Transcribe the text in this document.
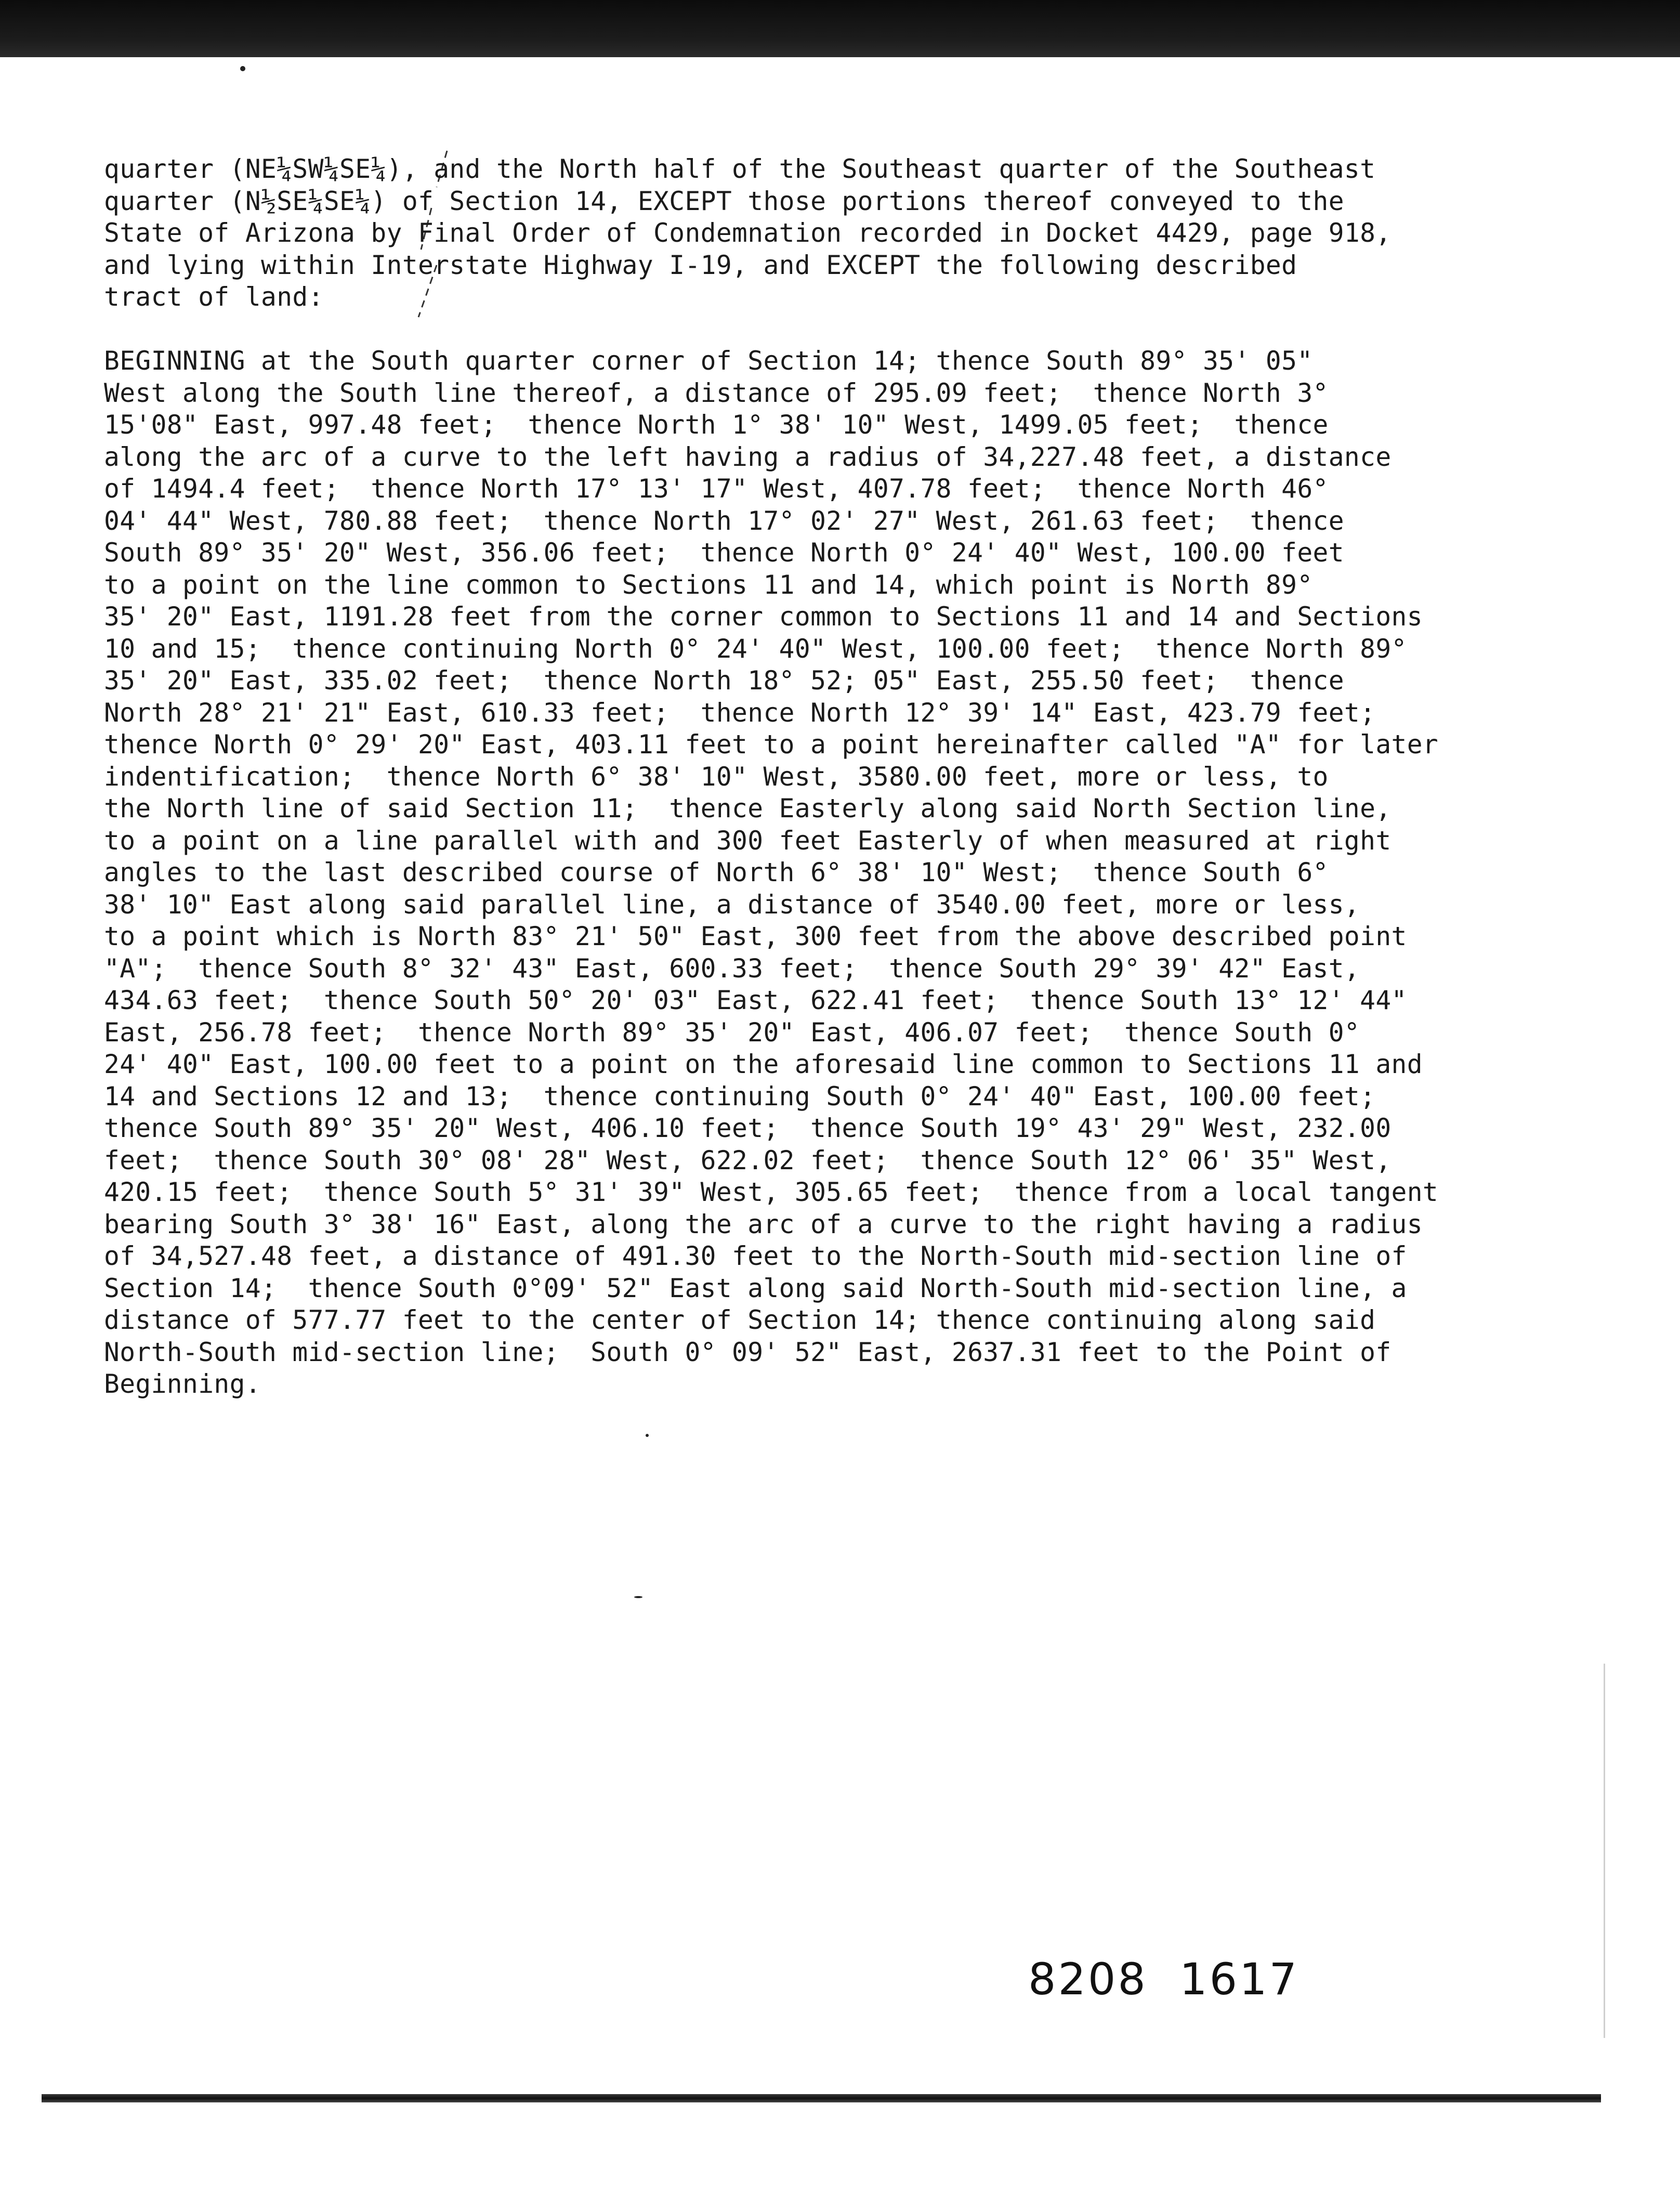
quarter (NE¼SW¼SE¼), and the North half of the Southeast quarter of the Southeast
quarter (N½SE¼SE¼) of Section 14, EXCEPT those portions thereof conveyed to the
State of Arizona by Final Order of Condemnation recorded in Docket 4429, page 918,
and lying within Interstate Highway I-19, and EXCEPT the following described
tract of land:
BEGINNING at the South quarter corner of Section 14; thence South 89° 35' 05"
West along the South line thereof, a distance of 295.09 feet;  thence North 3°
15'08" East, 997.48 feet;  thence North 1° 38' 10" West, 1499.05 feet;  thence
along the arc of a curve to the left having a radius of 34,227.48 feet, a distance
of 1494.4 feet;  thence North 17° 13' 17" West, 407.78 feet;  thence North 46°
04' 44" West, 780.88 feet;  thence North 17° 02' 27" West, 261.63 feet;  thence
South 89° 35' 20" West, 356.06 feet;  thence North 0° 24' 40" West, 100.00 feet
to a point on the line common to Sections 11 and 14, which point is North 89°
35' 20" East, 1191.28 feet from the corner common to Sections 11 and 14 and Sections
10 and 15;  thence continuing North 0° 24' 40" West, 100.00 feet;  thence North 89°
35' 20" East, 335.02 feet;  thence North 18° 52; 05" East, 255.50 feet;  thence
North 28° 21' 21" East, 610.33 feet;  thence North 12° 39' 14" East, 423.79 feet;
thence North 0° 29' 20" East, 403.11 feet to a point hereinafter called "A" for later
indentification;  thence North 6° 38' 10" West, 3580.00 feet, more or less, to
the North line of said Section 11;  thence Easterly along said North Section line,
to a point on a line parallel with and 300 feet Easterly of when measured at right
angles to the last described course of North 6° 38' 10" West;  thence South 6°
38' 10" East along said parallel line, a distance of 3540.00 feet, more or less,
to a point which is North 83° 21' 50" East, 300 feet from the above described point
"A";  thence South 8° 32' 43" East, 600.33 feet;  thence South 29° 39' 42" East,
434.63 feet;  thence South 50° 20' 03" East, 622.41 feet;  thence South 13° 12' 44"
East, 256.78 feet;  thence North 89° 35' 20" East, 406.07 feet;  thence South 0°
24' 40" East, 100.00 feet to a point on the aforesaid line common to Sections 11 and
14 and Sections 12 and 13;  thence continuing South 0° 24' 40" East, 100.00 feet;
thence South 89° 35' 20" West, 406.10 feet;  thence South 19° 43' 29" West, 232.00
feet;  thence South 30° 08' 28" West, 622.02 feet;  thence South 12° 06' 35" West,
420.15 feet;  thence South 5° 31' 39" West, 305.65 feet;  thence from a local tangent
bearing South 3° 38' 16" East, along the arc of a curve to the right having a radius
of 34,527.48 feet, a distance of 491.30 feet to the North-South mid-section line of
Section 14;  thence South 0°09' 52" East along said North-South mid-section line, a
distance of 577.77 feet to the center of Section 14; thence continuing along said
North-South mid-section line;  South 0° 09' 52" East, 2637.31 feet to the Point of
Beginning.
8208  1617
